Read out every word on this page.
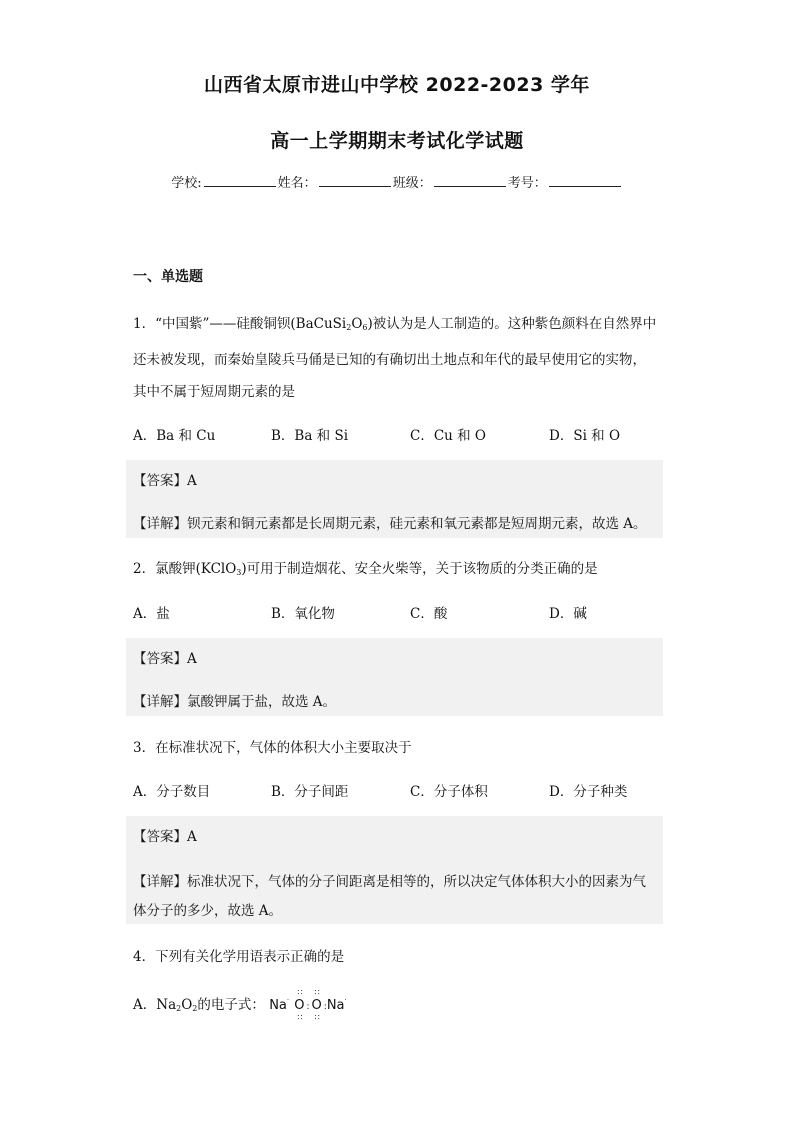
山西省太原市进山中学校 2022-2023 学年
高一上学期期末考试化学试题
学校:	姓名：	班级：	考号：
一、单选题
1．“中国紫”——硅酸铜钡$(BaCuSi_2O_6)$被认为是人工制造的。这种紫色颜料在自然界中
还未被发现，而秦始皇陵兵马俑是已知的有确切出土地点和年代的最早使用它的实物，
其中不属于短周期元素的是
A．Ba 和 Cu	B．Ba 和 Si	C．Cu 和 O	D．Si 和 O
【答案】A
【详解】钡元素和铜元素都是长周期元素，硅元素和氧元素都是短周期元素，故选 A。
2．氯酸钾(KClO$_3$)可用于制造烟花、安全火柴等，关于该物质的分类正确的是
A．盐	B．氧化物	C．酸	D．碱
【答案】A
【详解】氯酸钾属于盐，故选 A。
3．在标准状况下，气体的体积大小主要取决于
A．分子数目	B．分子间距	C．分子体积	D．分子种类
【答案】A
【详解】标准状况下，气体的分子间距离是相等的，所以决定气体体积大小的因素为气
体分子的多少，故选 A。
4．下列有关化学用语表示正确的是
A．$Na_2O_2$的电子式： Na·
∷
O
∷
:
∷
O
∷
:Na·
